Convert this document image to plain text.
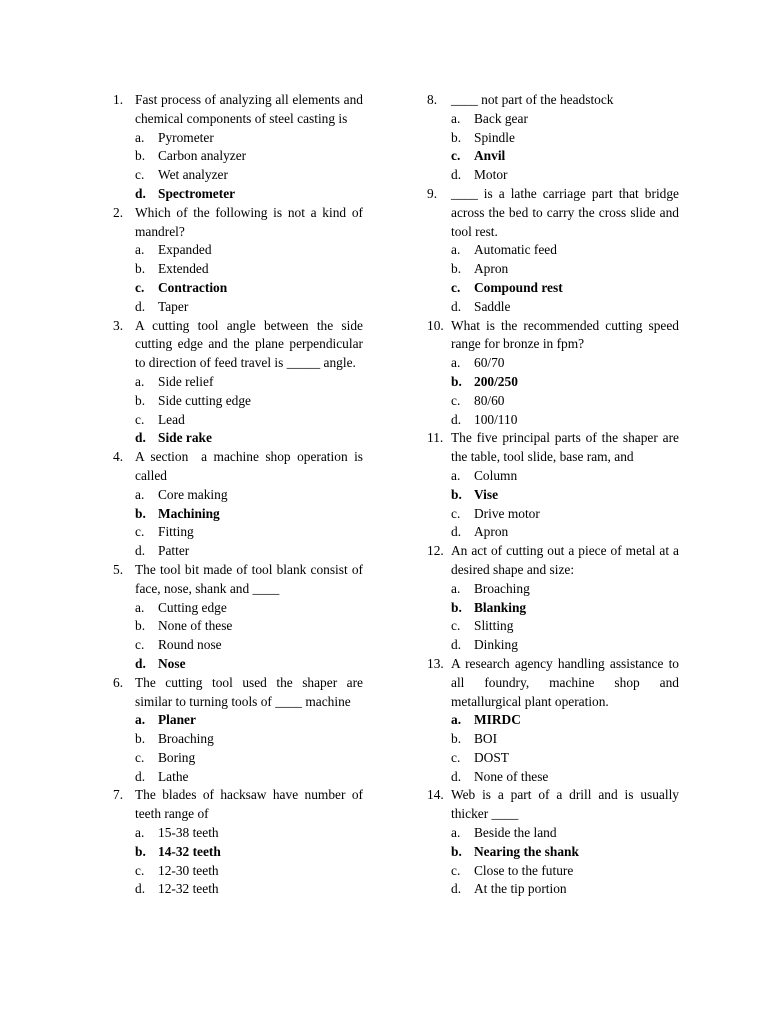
1. Fast process of analyzing all elements and chemical components of steel casting is
a.	Pyrometer
b. Carbon analyzer
c.	Wet analyzer
d. Spectrometer
2. Which of the following is not a kind of mandrel?
a.	Expanded
b. Extended
c.	Contraction
d. Taper
3. A cutting tool angle between the side cutting edge and the plane perpendicular to direction of feed travel is _____ angle.
a.	Side relief
b. Side cutting edge
c.	Lead
d. Side rake
4. A section  a machine shop operation is called
a.	Core making
b. Machining
c.	Fitting
d. Patter
5. The tool bit made of tool blank consist of face, nose, shank and ____
a.	Cutting edge
b. None of these
c.	Round nose
d. Nose
6. The cutting tool used the shaper are similar to turning tools of ____ machine
a. Planer
b. Broaching
c.	Boring
d. Lathe
7. The blades of hacksaw have number of teeth range of
a.	15-38 teeth
b. 14-32 teeth
c.	12-30 teeth
d. 12-32 teeth
8.	____ not part of the headstock
a.	Back gear
b. Spindle
c.	Anvil
d. Motor
9.	____ is a lathe carriage part that bridge across the bed to carry the cross slide and tool rest.
a.	Automatic feed
b. Apron
c.	Compound rest
d. Saddle
10. What is the recommended cutting speed range for bronze in fpm?
a.	60/70
b. 200/250
c.	80/60
d. 100/110
11. The five principal parts of the shaper are the table, tool slide, base ram, and
a.	Column
b. Vise
c.	Drive motor
d. Apron
12. An act of cutting out a piece of metal at a desired shape and size:
a.	Broaching
b. Blanking
c.	Slitting
d. Dinking
13. A research agency handling assistance to all foundry, machine shop and metallurgical plant operation.
a. MIRDC
b. BOI
c.	DOST
d. None of these
14. Web is a part of a drill and is usually thicker ____
a.	Beside the land
b. Nearing the shank
c.	Close to the future
d. At the tip portion
